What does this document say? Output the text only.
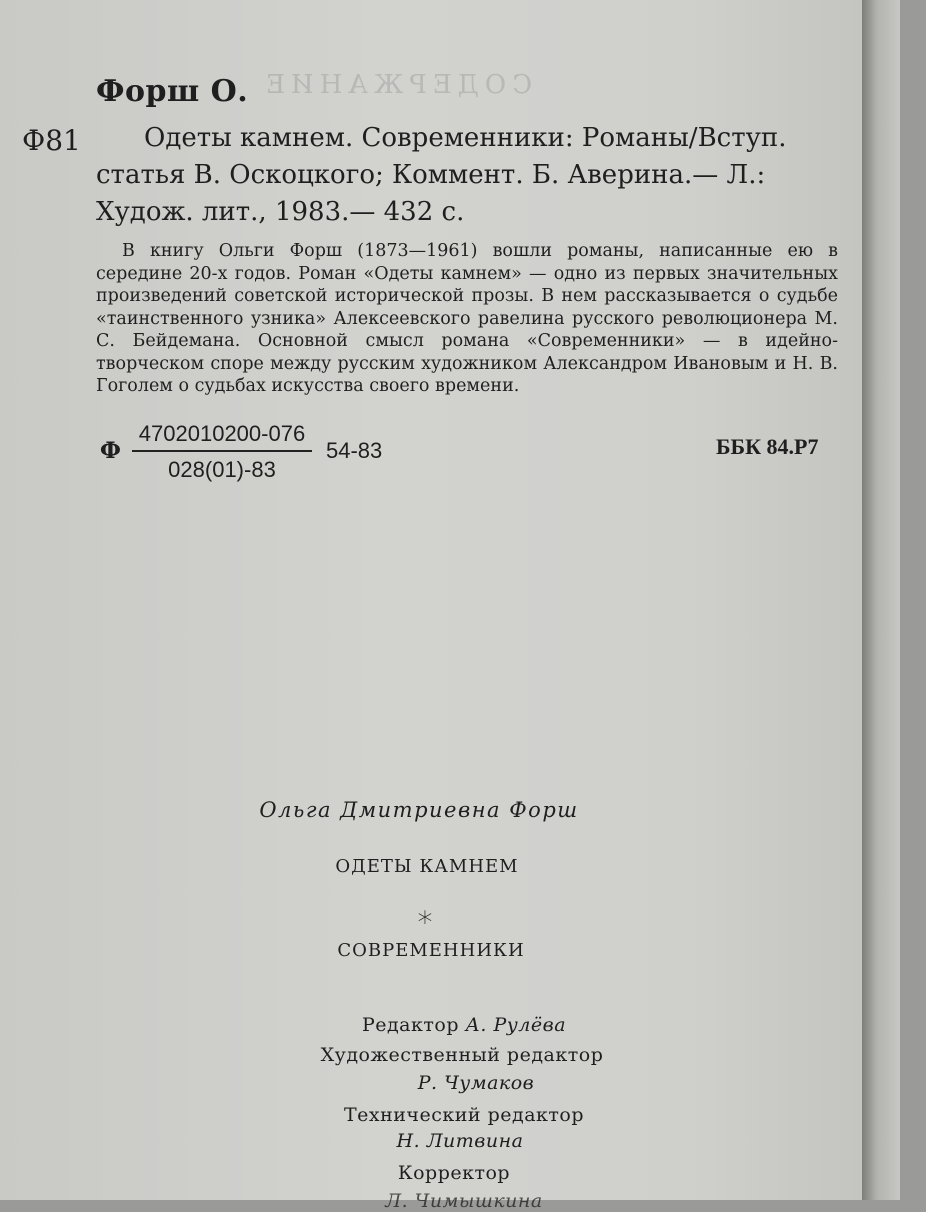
СОДЕРЖАНИЕ
Форш О.
Ф81	Одеты камнем. Современники: Романы/Вступ.
статья В. Оскоцкого; Коммент. Б. Аверина.— Л.:
Худож. лит., 1983.— 432 с.
В книгу Ольги Форш (1873—1961) вошли романы, написанные ею в середине 20-х годов. Роман «Одеты камнем» — одно из первых значительных произведений советской исторической прозы. В нем рассказывается о судьбе «таинственного узника» Алексеевского равелина русского революционера М. С. Бейдемана. Основной смысл романа «Современники» — в идейно-творческом споре между русским художником Александром Ивановым и Н. В. Гоголем о судьбах искусства своего времени.
Ф
4702010200-076
028(01)-83
54-83	ББК 84.Р7
Ольга Дмитриевна Форш
ОДЕТЫ КАМНЕМ
⁎
СОВРЕМЕННИКИ
Редактор А. Рулёва
Художественный редактор
Р. Чумаков
Технический редактор
Н. Литвина
Корректор
Л. Чимышкина
